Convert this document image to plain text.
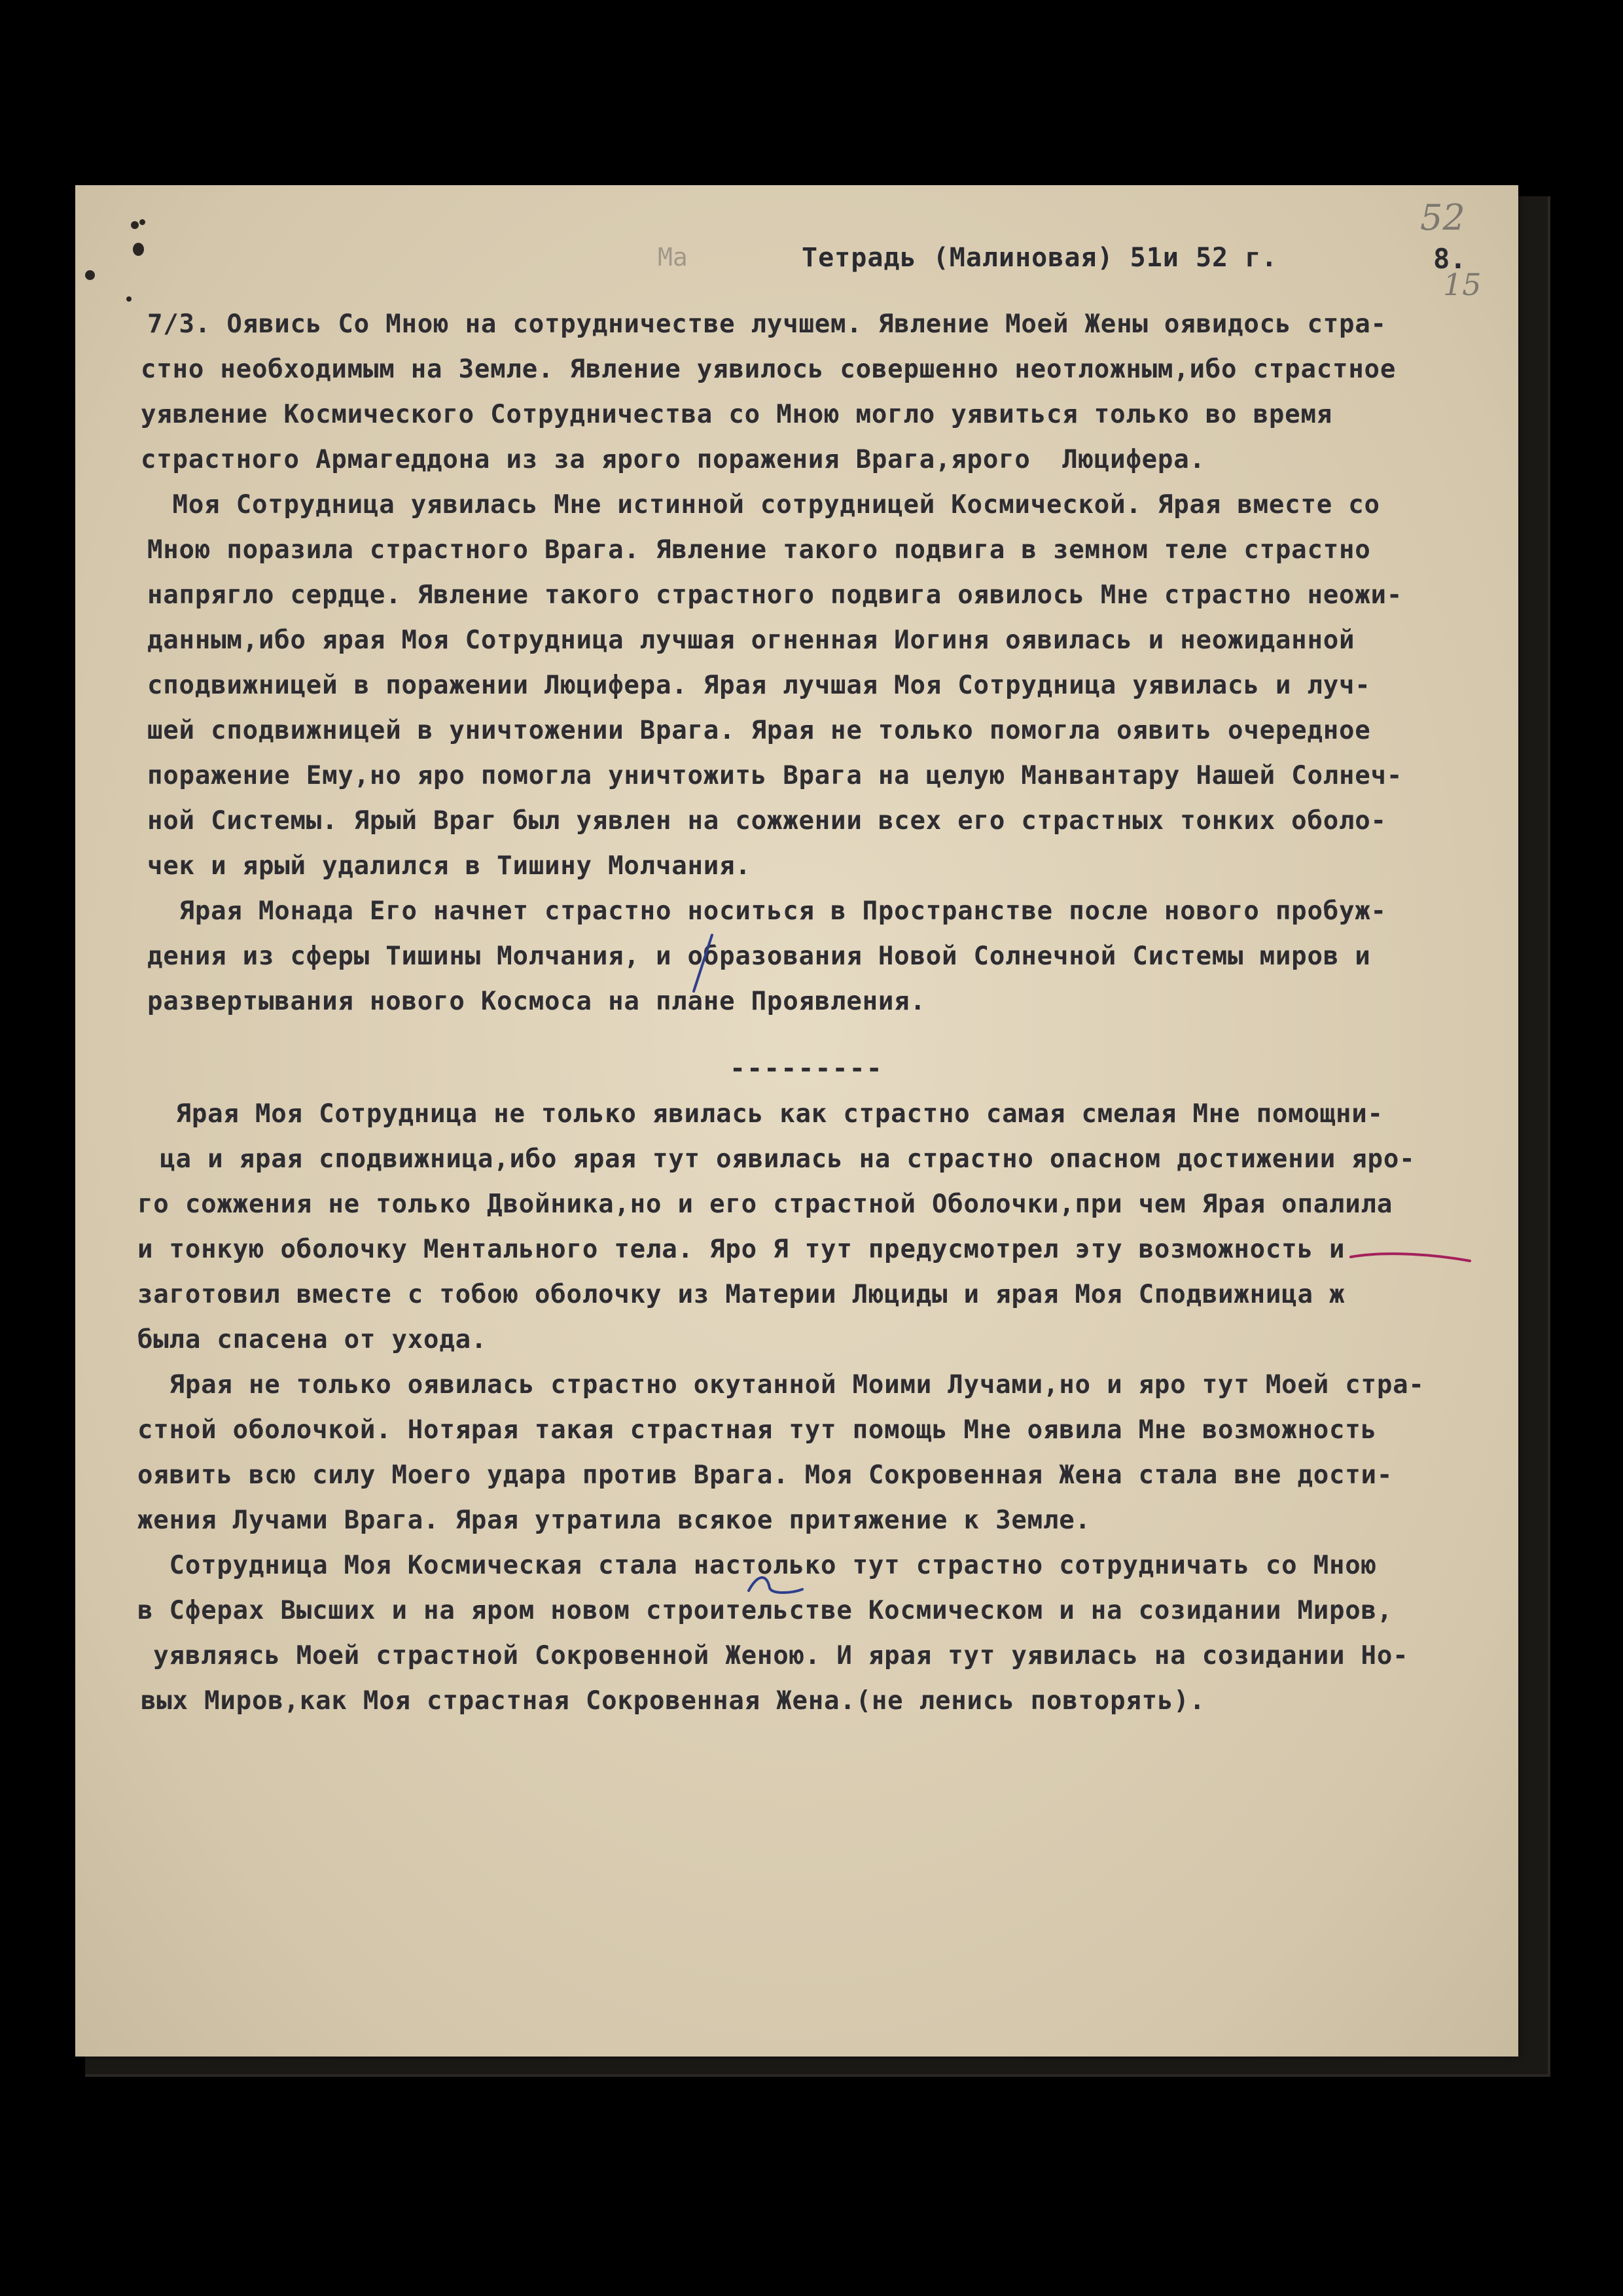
52
15
Ма	Тетрадь (Малиновая) 51и 52 г.	8.
7/3. Оявись Со Мною на сотрудничестве лучшем. Явление Моей Жены оявидось стра-
стно необходимым на Земле. Явление уявилось совершенно неотложным,ибо страстное
уявление Космического Сотрудничества со Мною могло уявиться только во время
страстного Армагеддона из за ярого поражения Врага,ярого  Люцифера.
Моя Сотрудница уявилась Мне истинной сотрудницей Космической. Ярая вместе со
Мною поразила страстного Врага. Явление такого подвига в земном теле страстно
напрягло сердце. Явление такого страстного подвига оявилось Мне страстно неожи-
данным,ибо ярая Моя Сотрудница лучшая огненная Иогиня оявилась и неожиданной
сподвижницей в поражении Люцифера. Ярая лучшая Моя Сотрудница уявилась и луч-
шей сподвижницей в уничтожении Врага. Ярая не только помогла оявить очередное
поражение Ему,но яро помогла уничтожить Врага на целую Манвантару Нашей Солнеч-
ной Системы. Ярый Враг был уявлен на сожжении всех его страстных тонких оболо-
чек и ярый удалился в Тишину Молчания.
Ярая Монада Его начнет страстно носиться в Пространстве после нового пробуж-
дения из сферы Тишины Молчания, и образования Новой Солнечной Системы миров и
развертывания нового Космоса на плане Проявления.
Ярая Моя Сотрудница не только явилась как страстно самая смелая Мне помощни-
ца и ярая сподвижница,ибо ярая тут оявилась на страстно опасном достижении яро-
го сожжения не только Двойника,но и его страстной Оболочки,при чем Ярая опалила
и тонкую оболочку Ментального тела. Яро Я тут предусмотрел эту возможность и
заготовил вместе с тобою оболочку из Материи Люциды и ярая Моя Сподвижница ж
была спасена от ухода.
Ярая не только оявилась страстно окутанной Моими Лучами,но и яро тут Моей стра-
стной оболочкой. Нотярая такая страстная тут помощь Мне оявила Мне возможность
оявить всю силу Моего удара против Врага. Моя Сокровенная Жена стала вне дости-
жения Лучами Врага. Ярая утратила всякое притяжение к Земле.
Сотрудница Моя Космическая стала настолько тут страстно сотрудничать со Мною
в Сферах Высших и на яром новом строительстве Космическом и на созидании Миров,
уявляясь Моей страстной Сокровенной Женою. И ярая тут уявилась на созидании Но-
вых Миров,как Моя страстная Сокровенная Жена.(не ленись повторять).
---------
